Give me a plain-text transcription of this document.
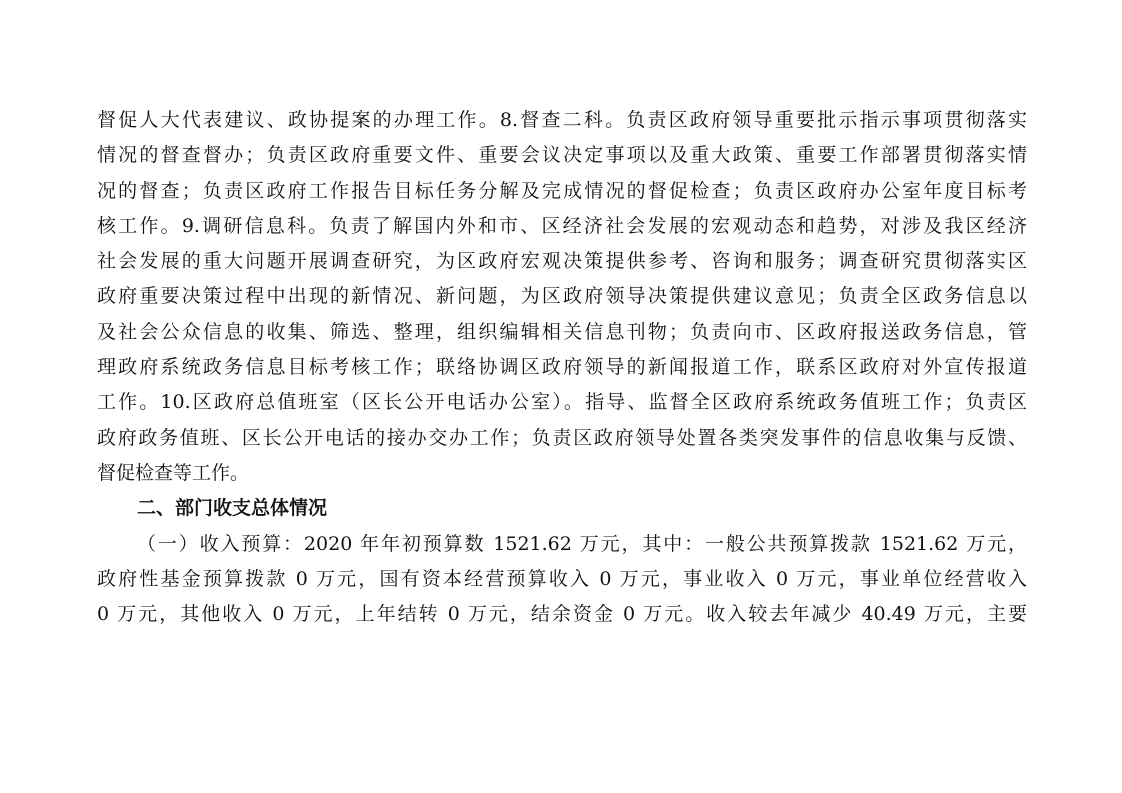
督促人大代表建议、政协提案的办理工作。8.督查二科。负责区政府领导重要批示指示事项贯彻落实
情况的督查督办；负责区政府重要文件、重要会议决定事项以及重大政策、重要工作部署贯彻落实情
况的督查；负责区政府工作报告目标任务分解及完成情况的督促检查；负责区政府办公室年度目标考
核工作。9.调研信息科。负责了解国内外和市、区经济社会发展的宏观动态和趋势，对涉及我区经济
社会发展的重大问题开展调查研究，为区政府宏观决策提供参考、咨询和服务；调查研究贯彻落实区
政府重要决策过程中出现的新情况、新问题，为区政府领导决策提供建议意见；负责全区政务信息以
及社会公众信息的收集、筛选、整理，组织编辑相关信息刊物；负责向市、区政府报送政务信息，管
理政府系统政务信息目标考核工作；联络协调区政府领导的新闻报道工作，联系区政府对外宣传报道
工作。10.区政府总值班室（区长公开电话办公室）。指导、监督全区政府系统政务值班工作；负责区
政府政务值班、区长公开电话的接办交办工作；负责区政府领导处置各类突发事件的信息收集与反馈、
督促检查等工作。
二、部门收支总体情况
（一）收入预算：2020 年年初预算数 1521.62 万元，其中：一般公共预算拨款 1521.62 万元，
政府性基金预算拨款 0 万元，国有资本经营预算收入 0 万元，事业收入 0 万元，事业单位经营收入
0 万元，其他收入 0 万元，上年结转 0 万元，结余资金 0 万元。收入较去年减少 40.49 万元，主要
